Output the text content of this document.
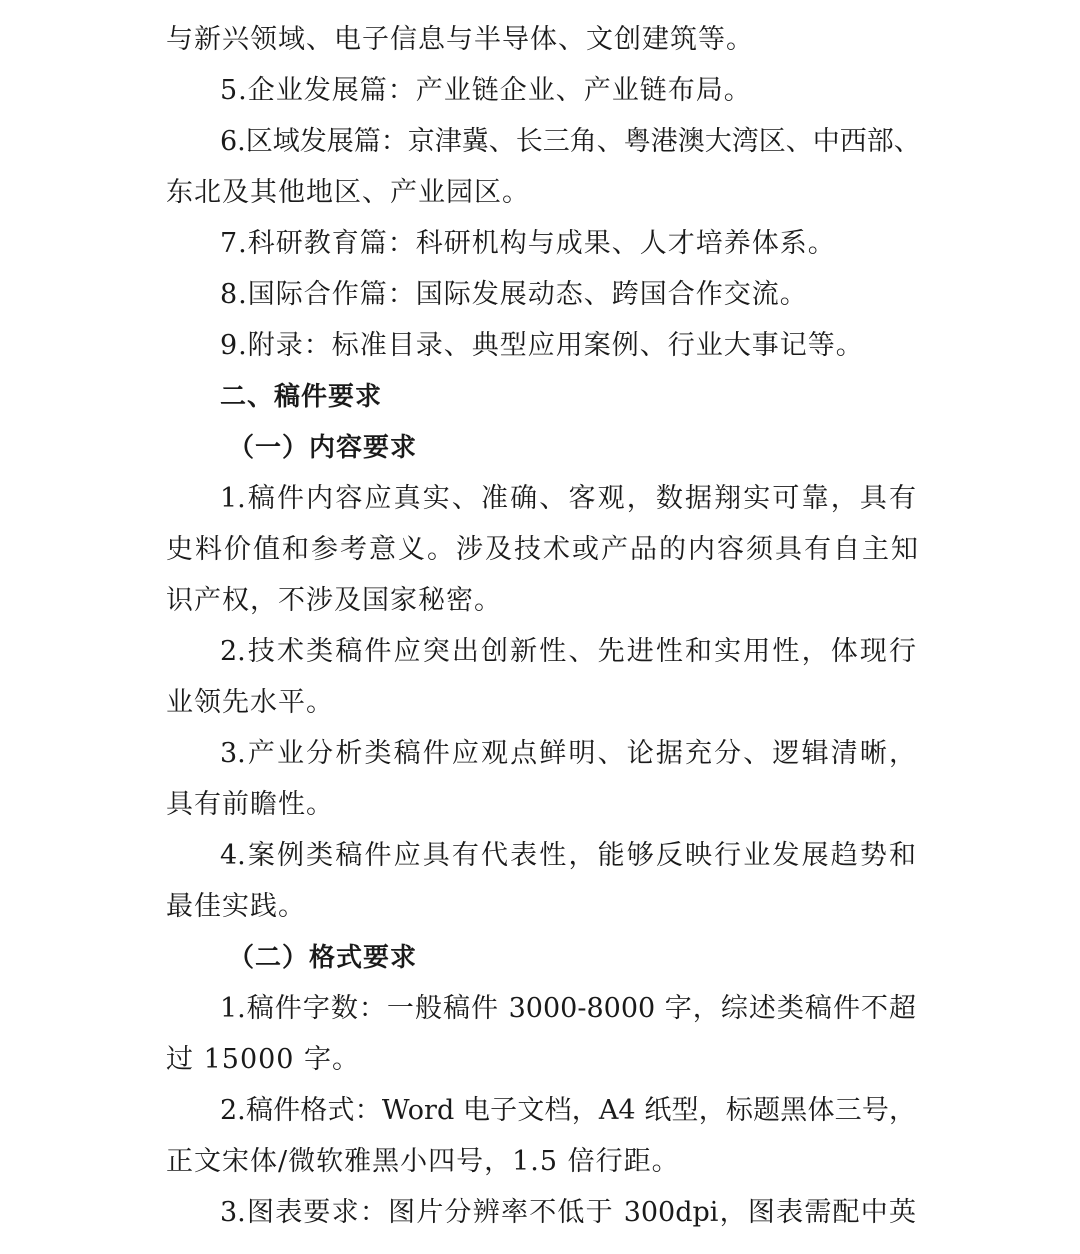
与新兴领域、电子信息与半导体、文创建筑等。
5.企业发展篇：产业链企业、产业链布局。
6.区域发展篇：京津冀、长三角、粤港澳大湾区、中西部、
东北及其他地区、产业园区。
7.科研教育篇：科研机构与成果、人才培养体系。
8.国际合作篇：国际发展动态、跨国合作交流。
9.附录：标准目录、典型应用案例、行业大事记等。
二、稿件要求
（一）内容要求
1.稿件内容应真实、准确、客观，数据翔实可靠，具有
史料价值和参考意义。涉及技术或产品的内容须具有自主知
识产权，不涉及国家秘密。
2.技术类稿件应突出创新性、先进性和实用性，体现行
业领先水平。
3.产业分析类稿件应观点鲜明、论据充分、逻辑清晰，
具有前瞻性。
4.案例类稿件应具有代表性，能够反映行业发展趋势和
最佳实践。
（二）格式要求
1.稿件字数：一般稿件 3000-8000 字，综述类稿件不超
过 15000 字。
2.稿件格式：Word 电子文档，A4 纸型，标题黑体三号，
正文宋体/微软雅黑小四号，1.5 倍行距。
3.图表要求：图片分辨率不低于 300dpi，图表需配中英
